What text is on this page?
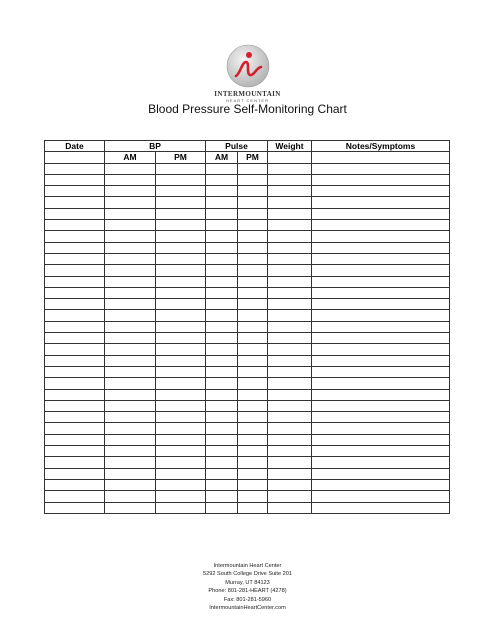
INTERMOUNTAIN
HEART CENTER
Blood Pressure Self-Monitoring Chart
Date	BP		Pulse		Weight	Notes/Symptoms
	AM	PM	AM	PM		

Intermountain Heart Center
5292 South College Drive Suite 201
Murray, UT 84123
Phone: 801-281-HEART (4278)
Fax: 801-281-5960
IntermountainHeartCenter.com
